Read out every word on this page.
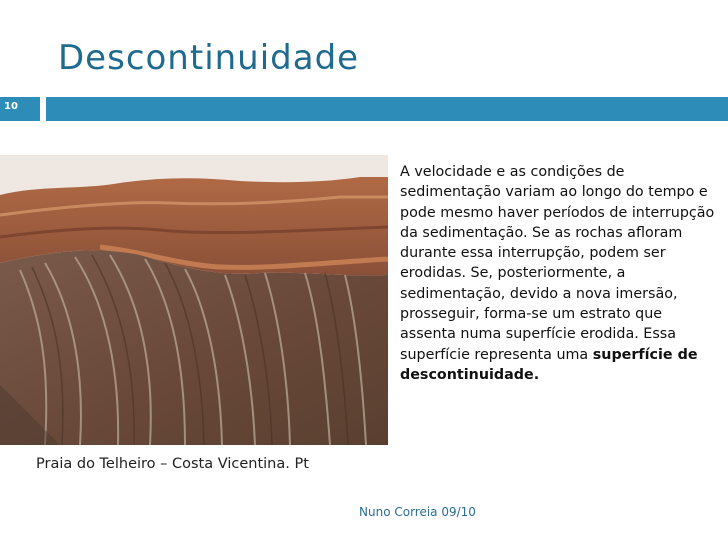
Descontinuidade
10
Praia do Telheiro – Costa Vicentina. Pt
A velocidade e as condições de sedimentação variam ao longo do tempo e pode mesmo haver períodos de interrupção da sedimentação. Se as rochas afloram durante essa interrupção, podem ser erodidas. Se, posteriormente, a sedimentação, devido a nova imersão, prosseguir, forma-se um estrato que assenta numa superfície erodida. Essa superfície representa uma superfície de descontinuidade.
Nuno Correia 09/10
